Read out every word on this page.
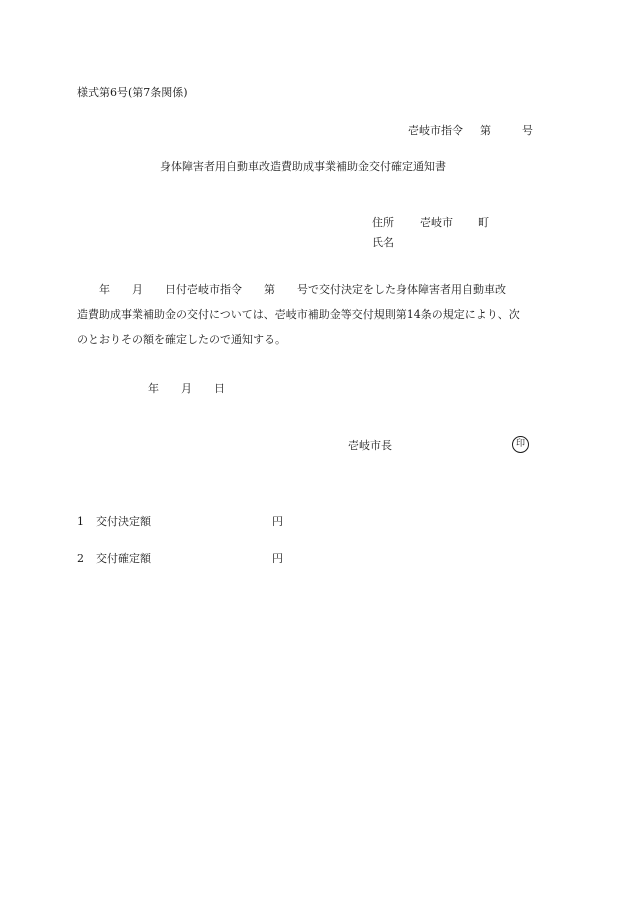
様式第6号(第7条関係)
壱岐市指令 第	号
身体障害者用自動車改造費助成事業補助金交付確定通知書
住所 壱岐市 町
氏名

　　年　　月　　日付壱岐市指令　　第　　号で交付決定をした身体障害者用自動車改

造費助成事業補助金の交付については、壱岐市補助金等交付規則第14条の規定により、次

のとおりその額を確定したので通知する。

年　　月　　日
壱岐市長	印
1 交付決定額	円
2 交付確定額	円
